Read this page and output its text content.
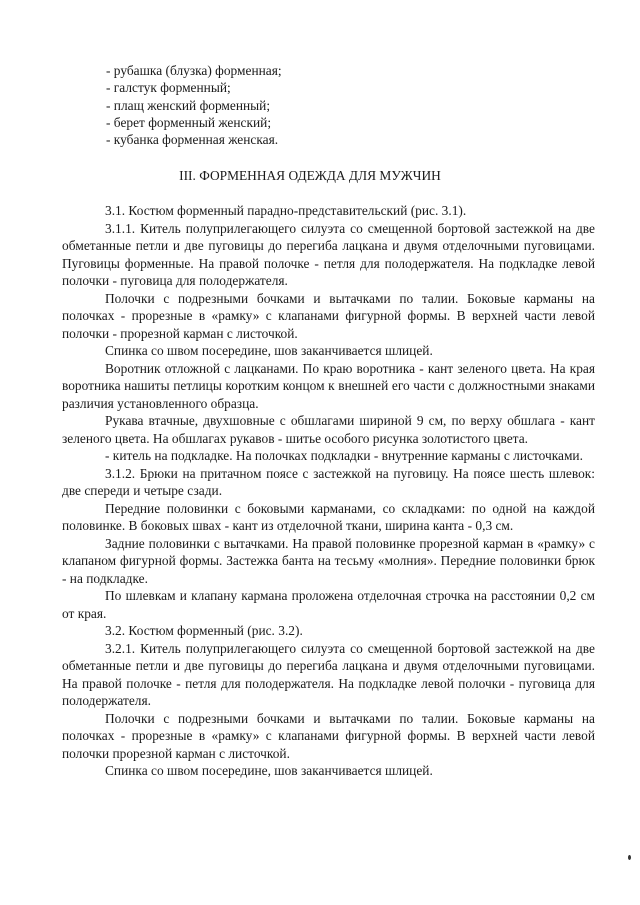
- рубашка (блузка) форменная;
- галстук форменный;
- плащ женский форменный;
- берет форменный женский;
- кубанка форменная женская.
III. ФОРМЕННАЯ ОДЕЖДА ДЛЯ МУЖЧИН

3.1. Костюм форменный парадно-представительский (рис. 3.1).

3.1.1. Китель полуприлегающего силуэта со смещенной бортовой застежкой на две обметанные петли и две пуговицы до перегиба лацкана и двумя отделочными пуговицами. Пуговицы форменные. На правой полочке - петля для полодержателя. На подкладке левой полочки - пуговица для полодержателя.

Полочки с подрезными бочками и вытачками по талии. Боковые карманы на полочках - прорезные в «рамку» с клапанами фигурной формы. В верхней части левой полочки - прорезной карман с листочкой.

Спинка со швом посередине, шов заканчивается шлицей.

Воротник отложной с лацканами. По краю воротника - кант зеленого цвета. На края воротника нашиты петлицы коротким концом к внешней его части с должностными знаками различия установленного образца.

Рукава втачные, двухшовные с обшлагами шириной 9 см, по верху обшлага - кант зеленого цвета. На обшлагах рукавов - шитье особого рисунка золотистого цвета.

- китель на подкладке. На полочках подкладки - внутренние карманы с листочками.

3.1.2. Брюки на притачном поясе с застежкой на пуговицу. На поясе шесть шлевок: две спереди и четыре сзади.

Передние половинки с боковыми карманами, со складками: по одной на каждой половинке. В боковых швах - кант из отделочной ткани, ширина канта - 0,3 см.

Задние половинки с вытачками. На правой половинке прорезной карман в «рамку» с клапаном фигурной формы. Застежка банта на тесьму «молния». Передние половинки брюк - на подкладке.

По шлевкам и клапану кармана проложена отделочная строчка на расстоянии 0,2 см от края.

3.2. Костюм форменный (рис. 3.2).

3.2.1. Китель полуприлегающего силуэта со смещенной бортовой застежкой на две обметанные петли и две пуговицы до перегиба лацкана и двумя отделочными пуговицами. На правой полочке - петля для полодержателя. На подкладке левой полочки - пуговица для полодержателя.

Полочки с подрезными бочками и вытачками по талии. Боковые карманы на полочках - прорезные в «рамку» с клапанами фигурной формы. В верхней части левой полочки прорезной карман с листочкой.

Спинка со швом посередине, шов заканчивается шлицей.
